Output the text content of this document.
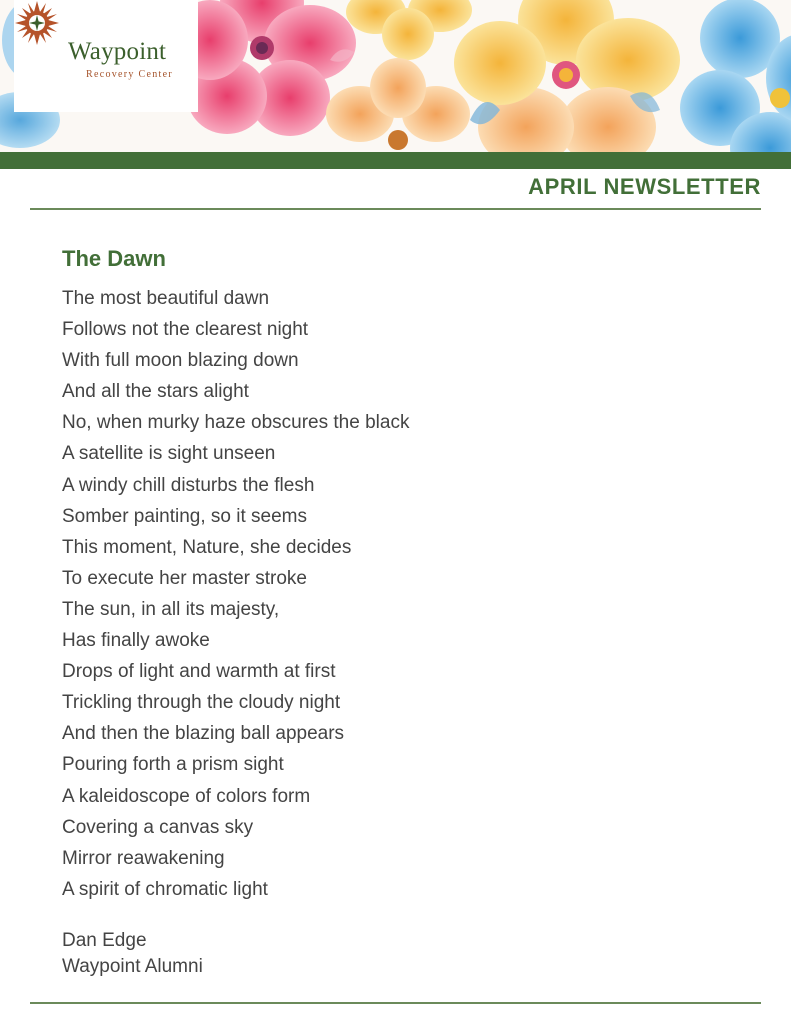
Waypoint
Recovery Center
APRIL NEWSLETTER
The Dawn
The most beautiful dawn
Follows not the clearest night
With full moon blazing down
And all the stars alight
No, when murky haze obscures the black
A satellite is sight unseen
A windy chill disturbs the flesh
Somber painting, so it seems
This moment, Nature, she decides
To execute her master stroke
The sun, in all its majesty,
Has finally awoke
Drops of light and warmth at first
Trickling through the cloudy night
And then the blazing ball appears
Pouring forth a prism sight
A kaleidoscope of colors form
Covering a canvas sky
Mirror reawakening
A spirit of chromatic light
Dan Edge
Waypoint Alumni
